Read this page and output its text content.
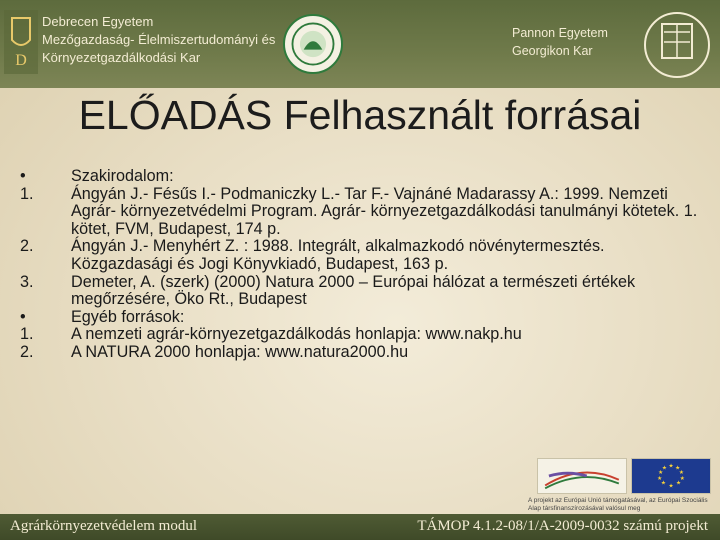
D
Debrecen Egyetem
Mezőgazdaság- Élelmiszertudományi és
Környezetgazdálkodási Kar
Pannon Egyetem
Georgikon Kar
ELŐADÁS Felhasznált forrásai
•	Szakirodalom:
1.	Ángyán J.- Fésűs I.- Podmaniczky L.- Tar F.- Vajnáné Madarassy A.: 1999. Nemzeti Agrár- környezetvédelmi Program. Agrár- környezetgazdálkodási tanulmányi kötetek. 1. kötet, FVM, Budapest, 174 p.
2.	Ángyán J.- Menyhért Z. : 1988. Integrált, alkalmazkodó növénytermesztés. Közgazdasági és Jogi Könyvkiadó, Budapest, 163 p.
3.	Demeter, A. (szerk) (2000) Natura 2000 – Európai hálózat a természeti értékek megőrzésére, Öko Rt., Budapest
•	Egyéb források:
1.	A nemzeti agrár-környezetgazdálkodás honlapja: www.nakp.hu
2.	A NATURA 2000 honlapja: www.natura2000.hu
★ ★
★
★
★
★
★
★
★
★
A projekt az Európai Unió támogatásával, az Európai Szociális Alap társfinanszírozásával valósul meg
Agrárkörnyezetvédelem modul	TÁMOP 4.1.2-08/1/A-2009-0032 számú projekt
